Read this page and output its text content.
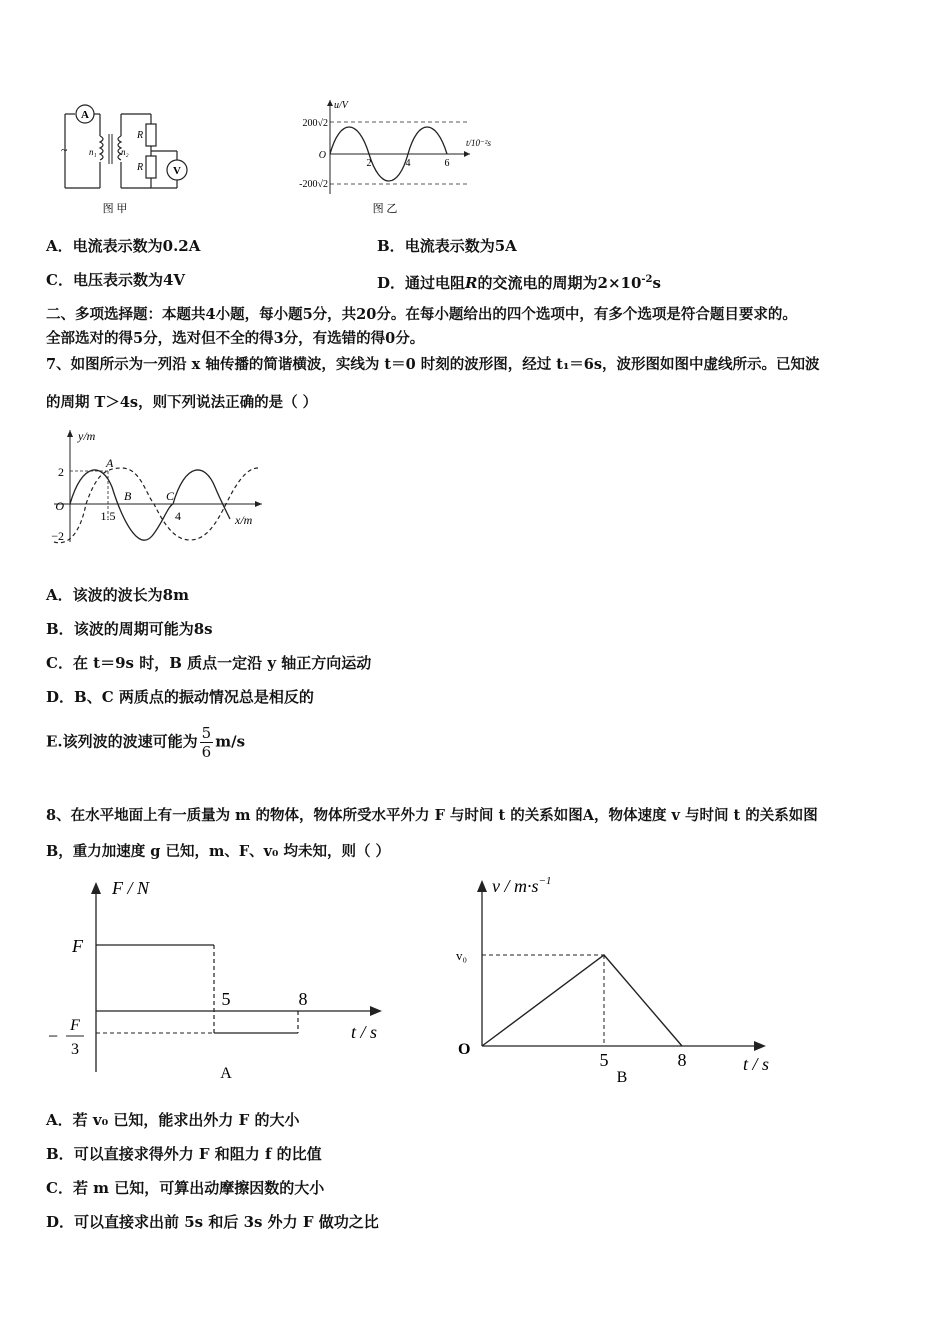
A
~ n₁	n₂
R
R	V
图 甲
u/V
t/10⁻²s
200√2
-200√2
O
2	4	6
图 乙
A．电流表示数为0.2A	B．电流表示数为5A
C．电压表示数为4V	D．通过电阻R的交流电的周期为$2\times 10^{-2}s$
二、多项选择题：本题共4小题，每小题5分，共20分。在每小题给出的四个选项中，有多个选项是符合题目要求的。
全部选对的得5分，选对但不全的得3分，有选错的得0分。
7、如图所示为一列沿 x 轴传播的简谐横波，实线为 t＝0 时刻的波形图，经过 t₁＝6s，波形图如图中虚线所示。已知波
的周期 T＞4s，则下列说法正确的是（ ）
y/m
x/m
2
−2
O
A
B	C
1.5	4
A．该波的波长为8m
B．该波的周期可能为8s
C．在 t＝9s 时，B 质点一定沿 y 轴正方向运动
D．B、C 两质点的振动情况总是相反的
E.该列波的波速可能为 $\frac{5}{6} m/s$
8、在水平地面上有一质量为 m 的物体，物体所受水平外力 F 与时间 t 的关系如图A，物体速度 v 与时间 t 的关系如图
B，重力加速度 g 已知，m、F、v₀ 均未知，则（ ）
F / N
t / s
F
−
F
3
5	8
A
$v / m\cdot s^{-1}$
t / s
v₀
O
5	8
B
A．若 v₀ 已知，能求出外力 F 的大小
B．可以直接求得外力 F 和阻力 f 的比值
C．若 m 已知，可算出动摩擦因数的大小
D．可以直接求出前 5s 和后 3s 外力 F 做功之比
